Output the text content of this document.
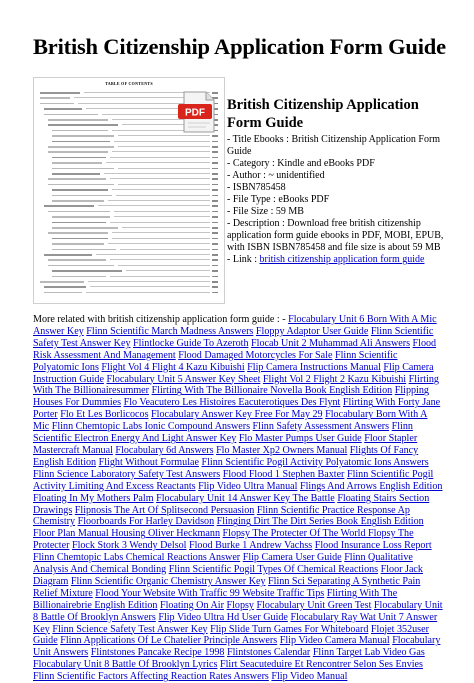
British Citizenship Application Form Guide
TABLE OF CONTENTS
PDF British Citizenship Application Form Guide
- Title Ebooks : British Citizenship Application Form Guide
- Category : Kindle and eBooks PDF
- Author : ~ unidentified
- ISBN785458
- File Type : eBooks PDF
- File Size : 59 MB
- Description : Download free british citizenship application form guide ebooks in PDF, MOBI, EPUB, with ISBN ISBN785458 and file size is about 59 MB
- Link : british citizenship application form guide
More related with british citizenship application form guide : - Flocabulary Unit 6 Born With A Mic Answer Key Flinn Scientific March Madness Answers Floppy Adaptor User Guide Flinn Scientific Safety Test Answer Key Flintlocke Guide To Azeroth Flocab Unit 2 Muhammad Ali Answers Flood Risk Assessment And Management Flood Damaged Motorcycles For Sale Flinn Scientific Polyatomic Ions Flight Vol 4 Flight 4 Kazu Kibuishi Flip Camera Instructions Manual Flip Camera Instruction Guide Flocabulary Unit 5 Answer Key Sheet Flight Vol 2 Flight 2 Kazu Kibuishi Flirting With The Billionairesummer Flirting With The Billionaire Novella Book English Edition Flipping Houses For Dummies Flo Veacutero Les Histoires Eacuterotiques Des Flynt Flirting With Forty Jane Porter Flo Et Les Borlicocos Flocabulary Answer Key Free For May 29 Flocabulary Born With A Mic Flinn Chemtopic Labs Ionic Compound Answers Flinn Safety Assessment Answers Flinn Scientific Electron Energy And Light Answer Key Flo Master Pumps User Guide Floor Stapler Mastercraft Manual Flocabulary 6d Answers Flo Master Xp2 Owners Manual Flights Of Fancy English Edition Flight Without Formulae Flinn Scientific Pogil Activity Polyatomic Ions Answers Flinn Science Laboratory Safety Test Answers Flood Flood 1 Stephen Baxter Flinn Scientific Pogil Activity Limiting And Excess Reactants Flip Video Ultra Manual Flings And Arrows English Edition Floating In My Mothers Palm Flocabulary Unit 14 Answer Key The Battle Floating Stairs Section Drawings Flipnosis The Art Of Splitsecond Persuasion Flinn Scientific Practice Response Ap Chemistry Floorboards For Harley Davidson Flinging Dirt The Dirt Series Book English Edition Floor Plan Manual Housing Oliver Heckmann Flopsy The Protecter Of The World Flopsy The Protecter Flock Stork 3 Wendy Delsol Flood Burke 1 Andrew Vachss Flood Insurance Loss Report Flinn Chemtopic Labs Chemical Reactions Answer Flip Camera User Guide Flinn Qualitative Analysis And Chemical Bonding Flinn Scientific Pogil Types Of Chemical Reactions Floor Jack Diagram Flinn Scientific Organic Chemistry Answer Key Flinn Sci Separating A Synthetic Pain Relief Mixture Flood Your Website With Traffic 99 Website Traffic Tips Flirting With The Billionairebrie English Edition Floating On Air Flopsy Flocabulary Unit Green Test Flocabulary Unit 8 Battle Of Brooklyn Answers Flip Video Ultra Hd User Guide Flocabulary Ray Wat Unit 7 Answer Key Flinn Science Safety Test Answer Key Flip Slide Turn Games For Whiteboard Flojet 352user Guide Flinn Applications Of Le Chatelier Principle Answers Flip Video Camera Manual Flocabulary Unit Answers Flintstones Pancake Recipe 1998 Flintstones Calendar Flinn Target Lab Video Gas Flocabulary Unit 8 Battle Of Brooklyn Lyrics Flirt Seacuteduire Et Rencontrer Selon Ses Envies Flinn Scientific Factors Affecting Reaction Rates Answers Flip Video Manual
